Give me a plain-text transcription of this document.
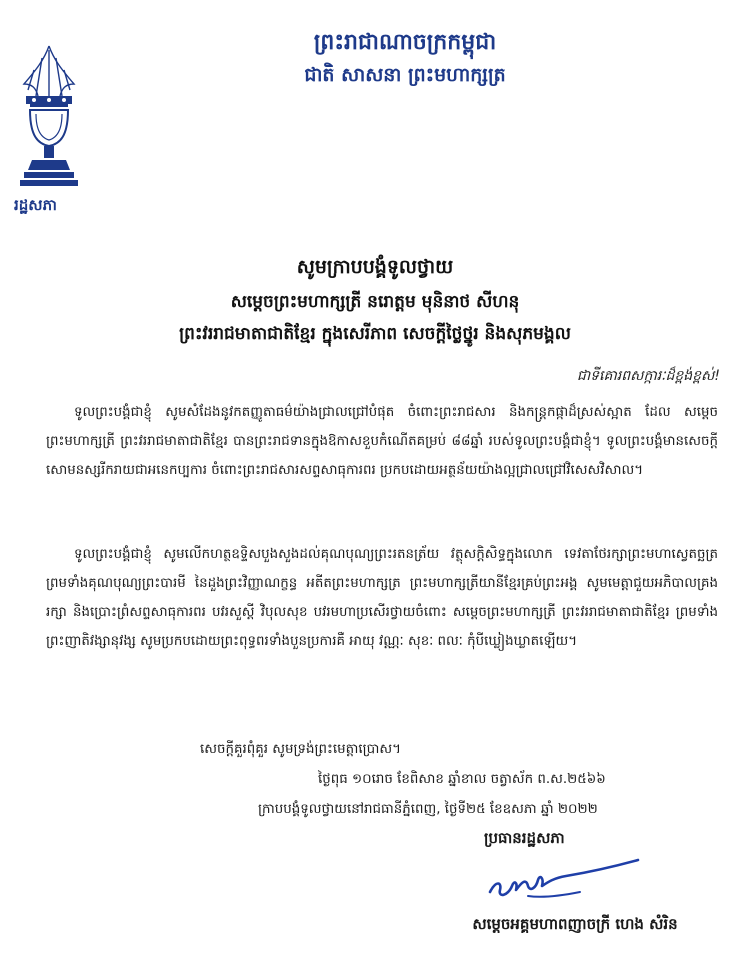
រដ្ឋសភា
ព្រះរាជាណាចក្រកម្ពុជា
ជាតិ សាសនា ព្រះមហាក្សត្រ
សូមក្រាបបង្គំទូលថ្វាយ
សម្តេចព្រះមហាក្សត្រី នរោត្តម មុនិនាថ សីហនុ
ព្រះវររាជមាតាជាតិខ្មែរ ក្នុងសេរីភាព សេចក្តីថ្លៃថ្នូរ និងសុភមង្គល
ជាទីគោរពសក្ការៈដ៏ខ្ពង់ខ្ពស់!
ទូលព្រះបង្គំជាខ្ញុំ សូមសំដែងនូវកតញ្ញូតាធម៌យ៉ាងជ្រាលជ្រៅបំផុត ចំពោះព្រះរាជសារ និងកន្ត្រកផ្កាដ៏ស្រស់ស្អាត ដែល សម្តេចព្រះមហាក្សត្រី ព្រះវររាជមាតាជាតិខ្មែរ បានព្រះរាជទានក្នុងឱកាសខួបកំណើតគម្រប់ ៨៨ឆ្នាំ របស់ទូលព្រះបង្គំជាខ្ញុំ។ ទូលព្រះបង្គំមានសេចក្តីសោមនស្សរីករាយជាអនេកប្បការ ចំពោះព្រះរាជសារសព្ទសាធុការពរ ប្រកបដោយអត្ថន័យយ៉ាងល្អជ្រាលជ្រៅវិសេសវិសាល។
ទូលព្រះបង្គំជាខ្ញុំ សូមលើកហត្ថឧទ្ទិសបួងសួងដល់គុណបុណ្យព្រះរតនត្រ័យ វត្ថុសក្តិសិទ្ធក្នុងលោក ទេវតាថែរក្សាព្រះមហាស្វេតច្ឆត្រ ព្រមទាំងគុណបុណ្យព្រះបារមី នៃដួងព្រះវិញ្ញាណក្ខន្ធ អតីតព្រះមហាក្សត្រ ព្រះមហាក្សត្រីយានីខ្មែរគ្រប់ព្រះអង្គ សូមមេត្តាជួយអភិបាលគ្រងរក្សា និងប្រោះព្រំសព្ទសាធុការពរ បវរសួស្តី វិបុលសុខ បវរមហាប្រសើរថ្វាយចំពោះ សម្តេចព្រះមហាក្សត្រី ព្រះវររាជមាតាជាតិខ្មែរ ព្រមទាំងព្រះញាតិវង្សានុវង្ស សូមប្រកបដោយព្រះពុទ្ធពរទាំងបួនប្រការគឺ អាយុ វណ្ណៈ សុខៈ ពលៈ កុំបីឃ្លៀងឃ្លាតឡើយ។
សេចក្តីគួរពុំគួរ សូមទ្រង់ព្រះមេត្តាប្រោស។
ថ្ងៃពុធ ១០រោច ខែពិសាខ ឆ្នាំខាល ចត្វាស័ក ព.ស.២៥៦៦
ក្រាបបង្គំទូលថ្វាយនៅរាជធានីភ្នំពេញ, ថ្ងៃទី២៥ ខែឧសភា ឆ្នាំ ២០២២
ប្រធានរដ្ឋសភា
សម្តេចអគ្គមហាពញាចក្រី ហេង សំរិន
